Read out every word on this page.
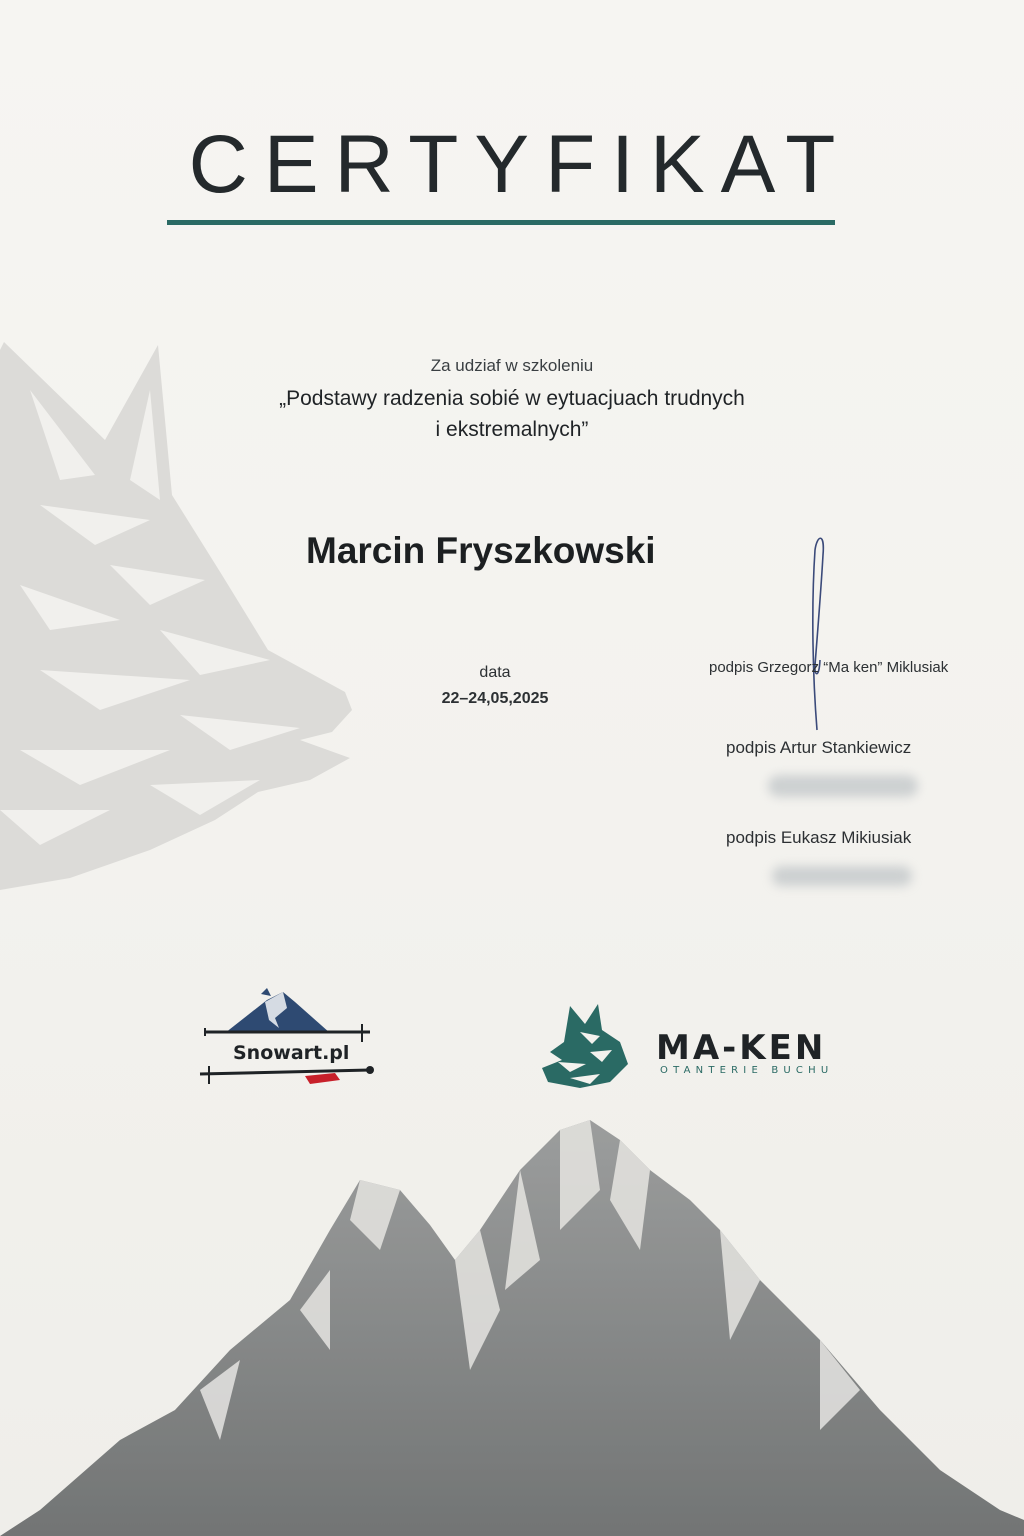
CERTYFIKAT
Za udziaf w szkoleniu
„Podstawy radzenia sobié w eytuacjuach trudnych
i ekstremalnych”
Marcin Fryszkowski
data
22–24,05,2025
podpis Grzegorz “Ma ken” Miklusiak
podpis Artur Stankiewicz
podpis Eukasz Mikiusiak
Snowart.pl	MA-KEN
OTANTERIE BUCHU
